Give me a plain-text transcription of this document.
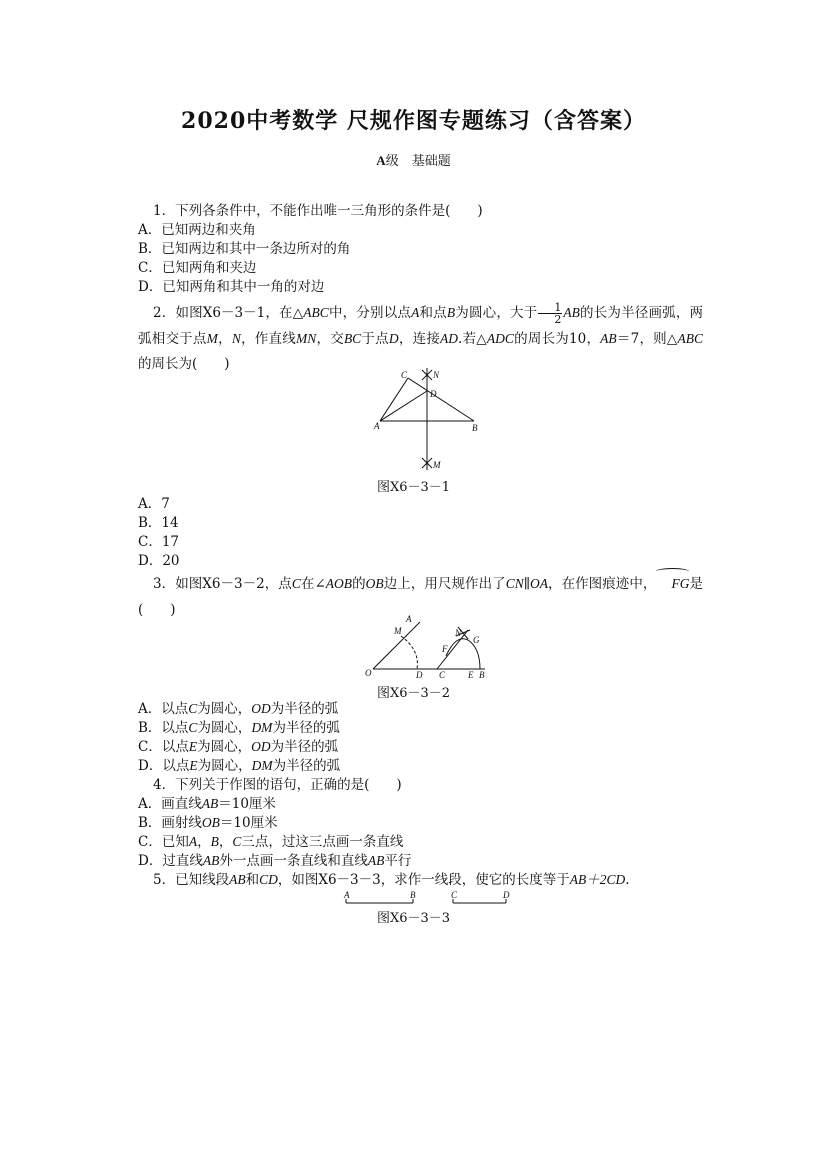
2020中考数学 尺规作图专题练习（含答案）
A级　基础题
1．下列各条件中，不能作出唯一三角形的条件是(　　)
A．已知两边和夹角
B．已知两边和其中一条边所对的角
C．已知两角和夹边
D．已知两角和其中一角的对边
2．如图X6－3－1，在△ABC中，分别以点A和点B为圆心，大于 $\frac{1}{2}$ AB的长为半径画弧，两弧相交于点M，N，作直线MN，交BC于点D，连接AD.若△ADC的周长为10，AB＝7，则△ABC的周长为(　　)
C	N
D
A	B
M
图X6－3－1
A．7
B．14
C．17
D．20
3．如图X6－3－2，点C在∠AOB的OB边上，用尺规作出了CN∥OA，在作图痕迹中， FG是(　　)
A
M	N
G
F
O	D C	E B
图X6－3－2
A．以点C为圆心，OD为半径的弧
B．以点C为圆心，DM为半径的弧
C．以点E为圆心，OD为半径的弧
D．以点E为圆心，DM为半径的弧
4．下列关于作图的语句，正确的是(　　)
A．画直线AB＝10厘米
B．画射线OB＝10厘米
C．已知A，B，C三点，过这三点画一条直线
D．过直线AB外一点画一条直线和直线AB平行
5．已知线段AB和CD，如图X6－3－3，求作一线段，使它的长度等于AB＋2CD.
A	B	C	D
图X6－3－3
